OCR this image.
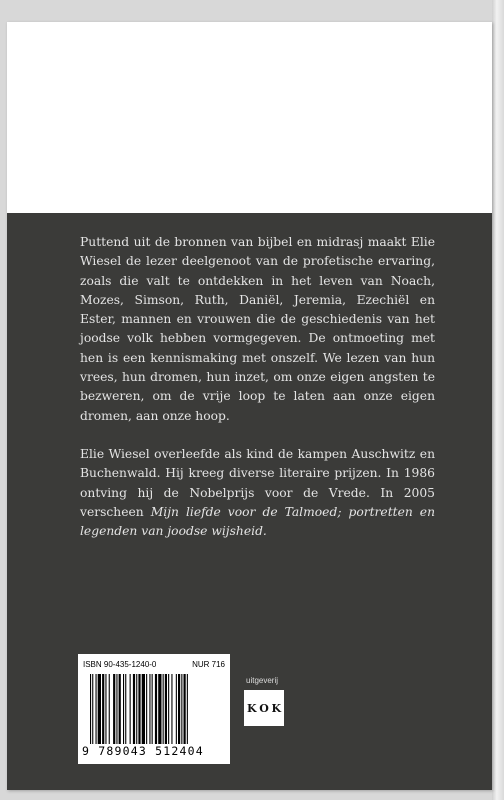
Puttend uit de bronnen van bijbel en midrasj maakt Elie Wiesel de lezer deelgenoot van de profetische ervaring, zoals die valt te ontdekken in het leven van Noach, Mozes, Simson, Ruth, Daniël, Jeremia, Ezechiël en Ester, mannen en vrouwen die de geschiedenis van het joodse volk hebben vormgegeven. De ontmoeting met hen is een kennismaking met onszelf. We lezen van hun vrees, hun dromen, hun inzet, om onze eigen angsten te bezweren, om de vrije loop te laten aan onze eigen dromen, aan onze hoop.

Elie Wiesel overleefde als kind de kampen Auschwitz en Buchenwald. Hij kreeg diverse literaire prijzen. In 1986 ontving hij de Nobelprijs voor de Vrede. In 2005 verscheen Mijn liefde voor de Talmoed; portretten en legenden van joodse wijsheid.

ISBN 90-435-1240-0	NUR 716
9 789043 512404
uitgeverij
K O K
